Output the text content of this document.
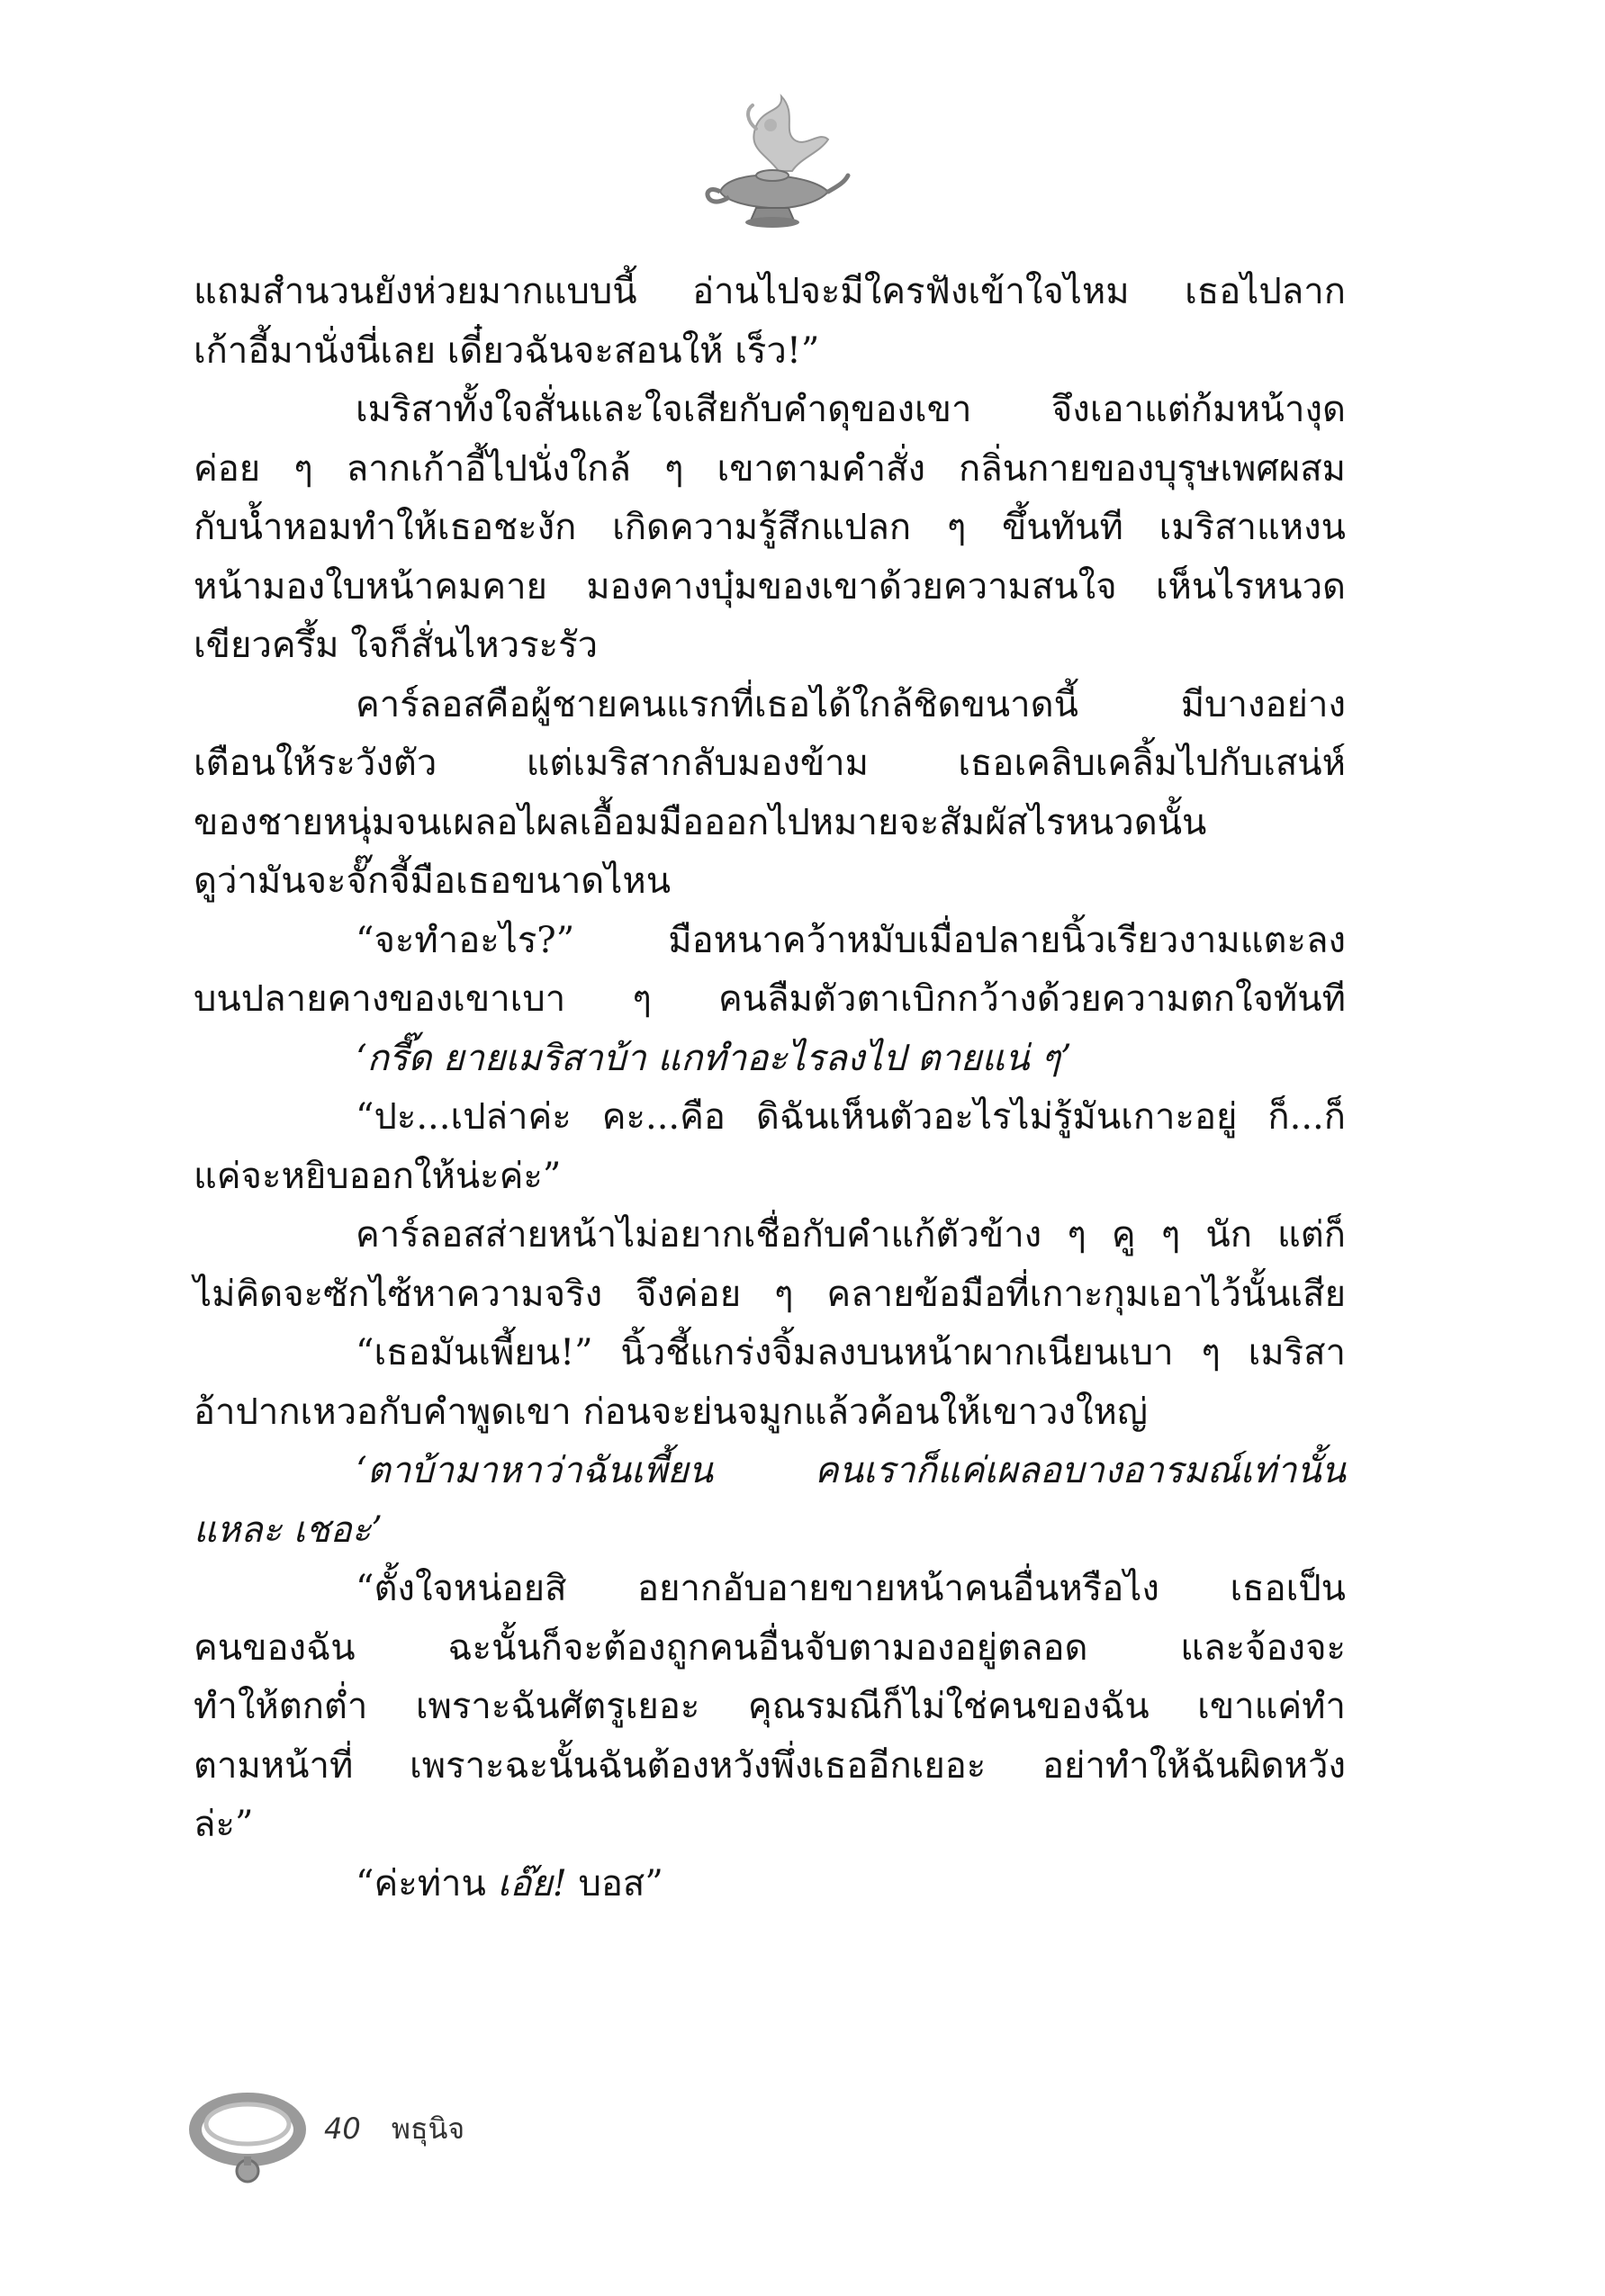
แถมสำนวนยังห่วยมากแบบนี้ อ่านไปจะมีใครฟังเข้าใจไหม เธอไปลาก
เก้าอี้มานั่งนี่เลย เดี๋ยวฉันจะสอนให้ เร็ว!”
เมริสาทั้งใจสั่นและใจเสียกับคำดุของเขา จึงเอาแต่ก้มหน้างุด
ค่อย ๆ ลากเก้าอี้ไปนั่งใกล้ ๆ เขาตามคำสั่ง กลิ่นกายของบุรุษเพศผสม
กับน้ำหอมทำให้เธอชะงัก เกิดความรู้สึกแปลก ๆ ขึ้นทันที เมริสาแหงน
หน้ามองใบหน้าคมคาย มองคางบุ๋มของเขาด้วยความสนใจ เห็นไรหนวด
เขียวครึ้ม ใจก็สั่นไหวระรัว
คาร์ลอสคือผู้ชายคนแรกที่เธอได้ใกล้ชิดขนาดนี้ มีบางอย่าง
เตือนให้ระวังตัว แต่เมริสากลับมองข้าม เธอเคลิบเคลิ้มไปกับเสน่ห์
ของชายหนุ่มจนเผลอไผลเอื้อมมือออกไปหมายจะสัมผัสไรหนวดนั้น
ดูว่ามันจะจั๊กจี้มือเธอขนาดไหน
“จะทำอะไร?” มือหนาคว้าหมับเมื่อปลายนิ้วเรียวงามแตะลง
บนปลายคางของเขาเบา ๆ คนลืมตัวตาเบิกกว้างด้วยความตกใจทันที
‘กรี๊ด ยายเมริสาบ้า แกทำอะไรลงไป ตายแน่ ๆ’
“ปะ...เปล่าค่ะ คะ...คือ ดิฉันเห็นตัวอะไรไม่รู้มันเกาะอยู่ ก็...ก็
แค่จะหยิบออกให้น่ะค่ะ”
คาร์ลอสส่ายหน้าไม่อยากเชื่อกับคำแก้ตัวข้าง ๆ คู ๆ นัก แต่ก็
ไม่คิดจะซักไซ้หาความจริง จึงค่อย ๆ คลายข้อมือที่เกาะกุมเอาไว้นั้นเสีย
“เธอมันเพี้ยน!” นิ้วชี้แกร่งจิ้มลงบนหน้าผากเนียนเบา ๆ เมริสา
อ้าปากเหวอกับคำพูดเขา ก่อนจะย่นจมูกแล้วค้อนให้เขาวงใหญ่
‘ตาบ้ามาหาว่าฉันเพี้ยน คนเราก็แค่เผลอบางอารมณ์เท่านั้น
แหละ เชอะ’
“ตั้งใจหน่อยสิ อยากอับอายขายหน้าคนอื่นหรือไง เธอเป็น
คนของฉัน ฉะนั้นก็จะต้องถูกคนอื่นจับตามองอยู่ตลอด และจ้องจะ
ทำให้ตกต่ำ เพราะฉันศัตรูเยอะ คุณรมณีก็ไม่ใช่คนของฉัน เขาแค่ทำ
ตามหน้าที่ เพราะฉะนั้นฉันต้องหวังพึ่งเธออีกเยอะ อย่าทำให้ฉันผิดหวัง
ล่ะ”
“ค่ะท่าน เอ๊ย! บอส”
40 พธุนิจ
